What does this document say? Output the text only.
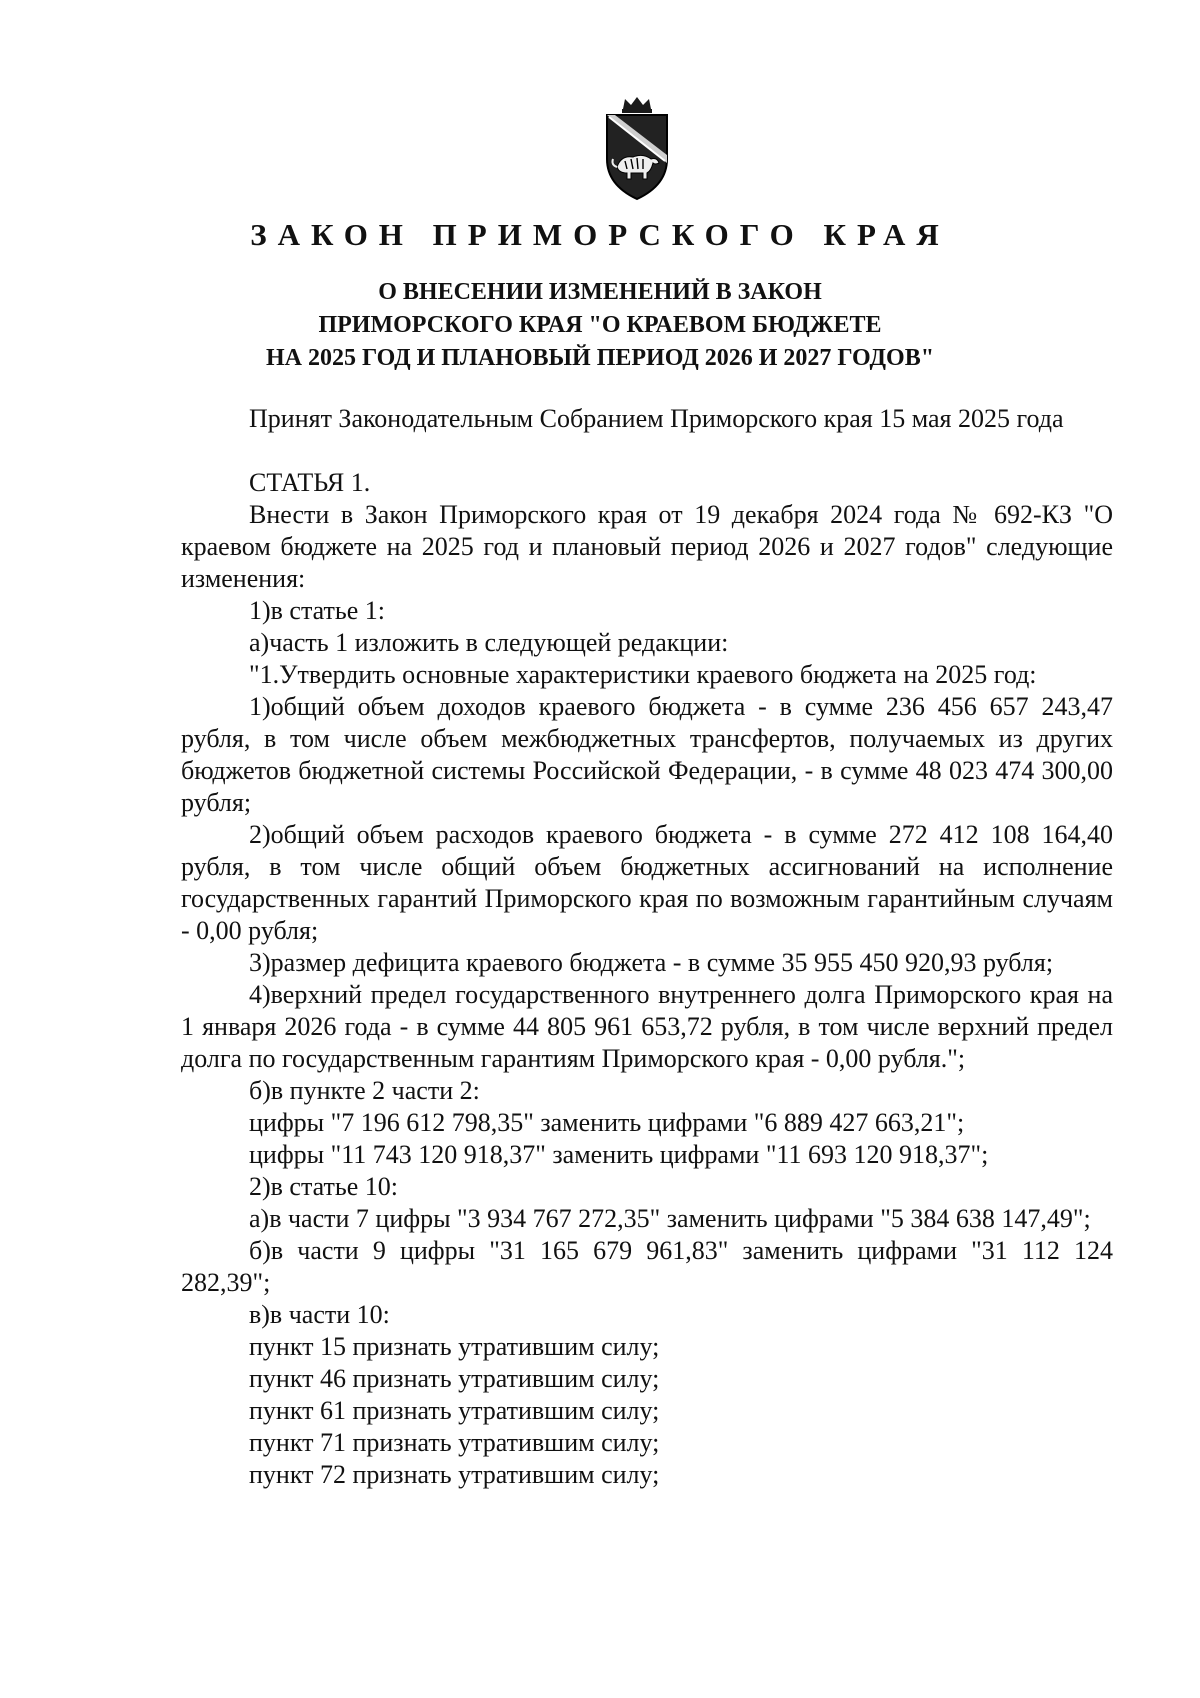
ЗАКОН ПРИМОРСКОГО КРАЯ
О ВНЕСЕНИИ ИЗМЕНЕНИЙ В ЗАКОН
ПРИМОРСКОГО КРАЯ "О КРАЕВОМ БЮДЖЕТЕ
НА 2025 ГОД И ПЛАНОВЫЙ ПЕРИОД 2026 И 2027 ГОДОВ"

Принят Законодательным Собранием Приморского края 15 мая 2025 года

СТАТЬЯ 1.

Внести в Закон Приморского края от 19 декабря 2024 года № 692-КЗ "О краевом бюджете на 2025 год и плановый период 2026 и 2027 годов" следующие изменения:

1)в статье 1:

а)часть 1 изложить в следующей редакции:

"1.Утвердить основные характеристики краевого бюджета на 2025 год:

1)общий объем доходов краевого бюджета - в сумме 236 456 657 243,47 рубля, в том числе объем межбюджетных трансфертов, получаемых из других бюджетов бюджетной системы Российской Федерации, - в сумме 48 023 474 300,00 рубля;

2)общий объем расходов краевого бюджета - в сумме 272 412 108 164,40 рубля, в том числе общий объем бюджетных ассигнований на исполнение государственных гарантий Приморского края по возможным гарантийным случаям - 0,00 рубля;

3)размер дефицита краевого бюджета - в сумме 35 955 450 920,93 рубля;

4)верхний предел государственного внутреннего долга Приморского края на 1 января 2026 года - в сумме 44 805 961 653,72 рубля, в том числе верхний предел долга по государственным гарантиям Приморского края - 0,00 рубля.";

б)в пункте 2 части 2:

цифры "7 196 612 798,35" заменить цифрами "6 889 427 663,21";

цифры "11 743 120 918,37" заменить цифрами "11 693 120 918,37";

2)в статье 10:

а)в части 7 цифры "3 934 767 272,35" заменить цифрами "5 384 638 147,49";

б)в части 9 цифры "31 165 679 961,83" заменить цифрами "31 112 124 282,39";

в)в части 10:

пункт 15 признать утратившим силу;

пункт 46 признать утратившим силу;

пункт 61 признать утратившим силу;

пункт 71 признать утратившим силу;

пункт 72 признать утратившим силу;
